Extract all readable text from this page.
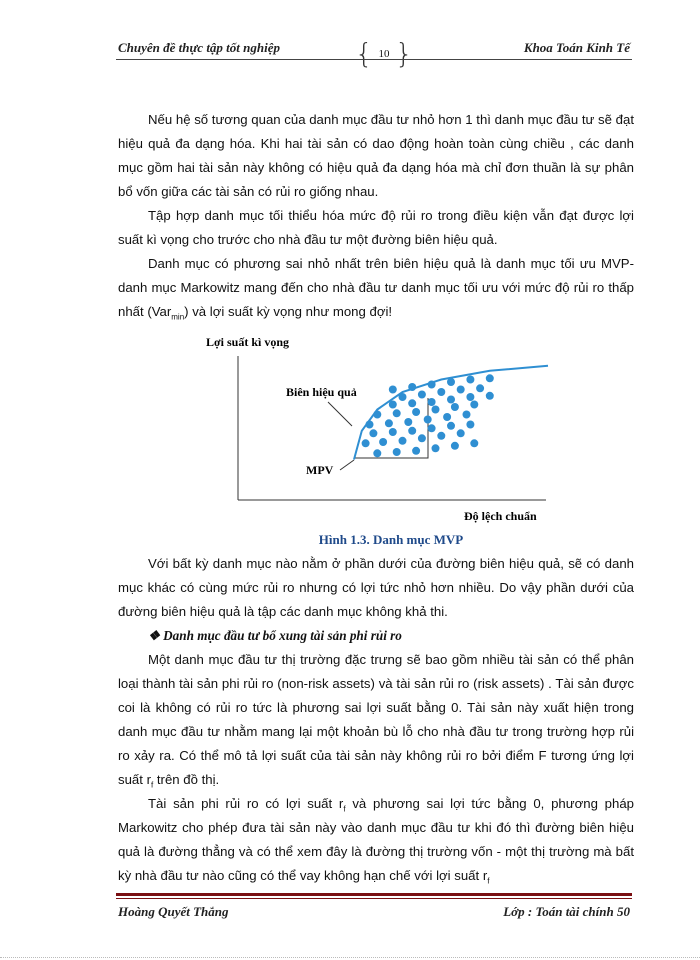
Chuyên đề thực tập tốt nghiệp	{ 10 }	Khoa Toán Kinh Tế

Nếu hệ số tương quan của danh mục đầu tư nhỏ hơn 1 thì danh mục đầu tư sẽ đạt hiệu quả đa dạng hóa. Khi hai tài sản có dao động hoàn toàn cùng chiều , các danh mục gồm hai tài sản này không có hiệu quả đa dạng hóa mà chỉ đơn thuần là sự phân bổ vốn giữa các tài sản có rủi ro giống nhau.

Tập hợp danh mục tối thiểu hóa mức độ rủi ro trong điều kiện vẫn đạt được lợi suất kì vọng cho trước cho nhà đầu tư một đường biên hiệu quả.

Danh mục có phương sai nhỏ nhất trên biên hiệu quả là danh mục tối ưu MVP- danh mục Markowitz mang đến cho nhà đầu tư danh mục tối ưu với mức độ rủi ro thấp nhất (Var$_{min}$) và lợi suất kỳ vọng như mong đợi!

Lợi suất kì vọng
Độ lệch chuẩn
Biên hiệu quả
MPV

Hình 1.3. Danh mục MVP

Với bất kỳ danh mục nào nằm ở phần dưới của đường biên hiệu quả, sẽ có danh mục khác có cùng mức rủi ro nhưng có lợi tức nhỏ hơn nhiều. Do vậy phần dưới của đường biên hiệu quả là tập các danh mục không khả thi.

❖ Danh mục đầu tư bổ xung tài sản phi rủi ro

Một danh mục đầu tư thị trường đặc trưng sẽ bao gồm nhiều tài sản có thể phân loại thành tài sản phi rủi ro (non-risk assets) và tài sản rủi ro (risk assets) . Tài sản được coi là không có rủi ro tức là phương sai lợi suất bằng 0. Tài sản này xuất hiện trong danh mục đầu tư nhằm mang lại một khoản bù lỗ cho nhà đầu tư trong trường hợp rủi ro xảy ra. Có thể mô tả lợi suất của tài sản này không rủi ro bởi điểm F tương ứng lợi suất $r_f$ trên đồ thị.

Tài sản phi rủi ro có lợi suất $r_f$ và phương sai lợi tức bằng 0, phương pháp Markowitz cho phép đưa tài sản này vào danh mục đầu tư khi đó thì đường biên hiệu quả là đường thẳng và có thể xem đây là đường thị trường vốn - một thị trường mà bất kỳ nhà đầu tư nào cũng có thể vay không hạn chế với lợi suất $r_f$

Hoàng Quyết Thắng	Lớp : Toán tài chính 50
